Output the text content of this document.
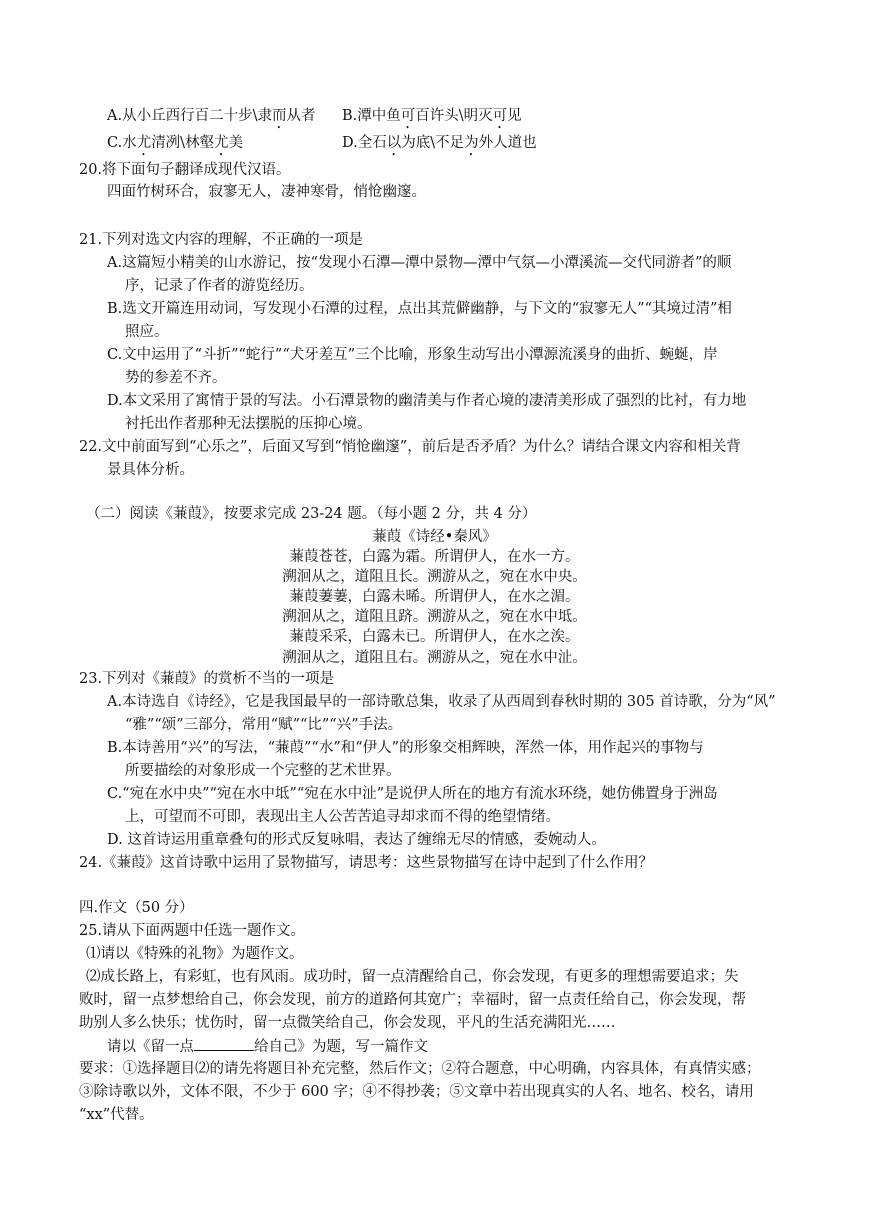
A.从小丘西行百二十步\隶而从者 B.潭中鱼可百许头\明灭可见
C.水尤清冽\林壑尤美	D.全石以为底\不足为外人道也
20.将下面句子翻译成现代汉语。
四面竹树环合，寂寥无人，凄神寒骨，悄怆幽邃。
21.下列对选文内容的理解，不正确的一项是
A.这篇短小精美的山水游记，按“发现小石潭—潭中景物—潭中气氛—小潭溪流—交代同游者”的顺
序，记录了作者的游览经历。
B.选文开篇连用动词，写发现小石潭的过程，点出其荒僻幽静，与下文的“寂寥无人”“其境过清”相
照应。
C.文中运用了“斗折”“蛇行”“犬牙差互”三个比喻，形象生动写出小潭源流溪身的曲折、蜿蜒，岸
势的参差不齐。
D.本文采用了寓情于景的写法。小石潭景物的幽清美与作者心境的凄清美形成了强烈的比衬，有力地
衬托出作者那种无法摆脱的压抑心境。
22.文中前面写到“心乐之”，后面又写到“悄怆幽邃”，前后是否矛盾？为什么？请结合课文内容和相关背
景具体分析。
（二）阅读《蒹葭》，按要求完成 23-24 题。（每小题 2 分，共 4 分）
蒹葭《诗经•秦风》
蒹葭苍苍，白露为霜。所谓伊人，在水一方。
溯洄从之，道阻且长。溯游从之，宛在水中央。
蒹葭萋萋，白露未晞。所谓伊人，在水之湄。
溯洄从之，道阻且跻。溯游从之，宛在水中坻。
蒹葭采采，白露未已。所谓伊人，在水之涘。
溯洄从之，道阻且右。溯游从之，宛在水中沚。
23.下列对《蒹葭》的赏析不当的一项是
A.本诗选自《诗经》，它是我国最早的一部诗歌总集，收录了从西周到春秋时期的 305 首诗歌，分为“风”
“雅”“颂”三部分，常用“赋”“比”“兴”手法。
B.本诗善用“兴”的写法，“蒹葭”“水”和“伊人”的形象交相辉映，浑然一体，用作起兴的事物与
所要描绘的对象形成一个完整的艺术世界。
C.“宛在水中央”“宛在水中坻”“宛在水中沚”是说伊人所在的地方有流水环绕，她仿佛置身于洲岛
上，可望而不可即，表现出主人公苦苦追寻却求而不得的绝望情绪。
D. 这首诗运用重章叠句的形式反复咏唱，表达了缠绵无尽的情感，委婉动人。
24.《蒹葭》这首诗歌中运用了景物描写，请思考：这些景物描写在诗中起到了什么作用？
四.作文（50 分）
25.请从下面两题中任选一题作文。
⑴请以《特殊的礼物》为题作文。
⑵成长路上，有彩虹，也有风雨。成功时，留一点清醒给自己，你会发现，有更多的理想需要追求；失
败时，留一点梦想给自己，你会发现，前方的道路何其宽广；幸福时，留一点责任给自己，你会发现，帮
助别人多么快乐；忧伤时，留一点微笑给自己，你会发现，平凡的生活充满阳光……
请以《留一点	给自己》为题，写一篇作文
要求：①选择题目⑵的请先将题目补充完整，然后作文；②符合题意，中心明确，内容具体，有真情实感；
③除诗歌以外，文体不限，不少于 600 字；④不得抄袭；⑤文章中若出现真实的人名、地名、校名，请用
“xx”代替。
